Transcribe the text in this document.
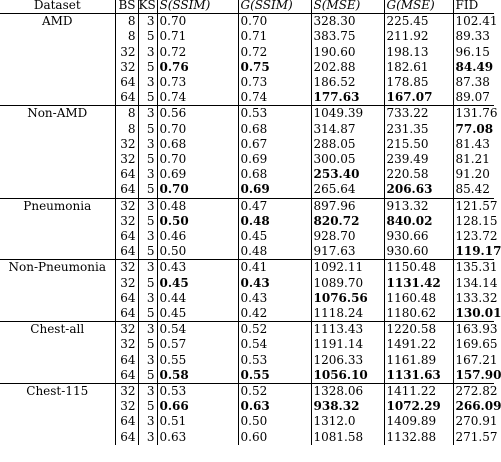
Dataset	BS	KS	S(SSIM)	G(SSIM)	S(MSE)	G(MSE)	FID
AMD	8	3	0.70	0.70	328.30	225.45	102.41
	8	5	0.71	0.71	383.75	211.92	89.33
	32	3	0.72	0.72	190.60	198.13	96.15
	32	5	0.76	0.75	202.88	182.61	84.49
	64	3	0.73	0.73	186.52	178.85	87.38
	64	5	0.74	0.74	177.63	167.07	89.07
Non-AMD	8	3	0.56	0.53	1049.39	733.22	131.76
	8	5	0.70	0.68	314.87	231.35	77.08
	32	3	0.68	0.67	288.05	215.50	81.43
	32	5	0.70	0.69	300.05	239.49	81.21
	64	3	0.69	0.68	253.40	220.58	91.20
	64	5	0.70	0.69	265.64	206.63	85.42
Pneumonia	32	3	0.48	0.47	897.96	913.32	121.57
	32	5	0.50	0.48	820.72	840.02	128.15
	64	3	0.46	0.45	928.70	930.66	123.72
	64	5	0.50	0.48	917.63	930.60	119.17
Non-Pneumonia	32	3	0.43	0.41	1092.11	1150.48	135.31
	32	5	0.45	0.43	1089.70	1131.42	134.14
	64	3	0.44	0.43	1076.56	1160.48	133.32
	64	5	0.45	0.42	1118.24	1180.62	130.01
Chest-all	32	3	0.54	0.52	1113.43	1220.58	163.93
	32	5	0.57	0.54	1191.14	1491.22	169.65
	64	3	0.55	0.53	1206.33	1161.89	167.21
	64	5	0.58	0.55	1056.10	1131.63	157.90
Chest-115	32	3	0.53	0.52	1328.06	1411.22	272.82
	32	5	0.66	0.63	938.32	1072.29	266.09
	64	3	0.51	0.50	1312.0	1409.89	270.91
	64	3	0.63	0.60	1081.58	1132.88	271.57
